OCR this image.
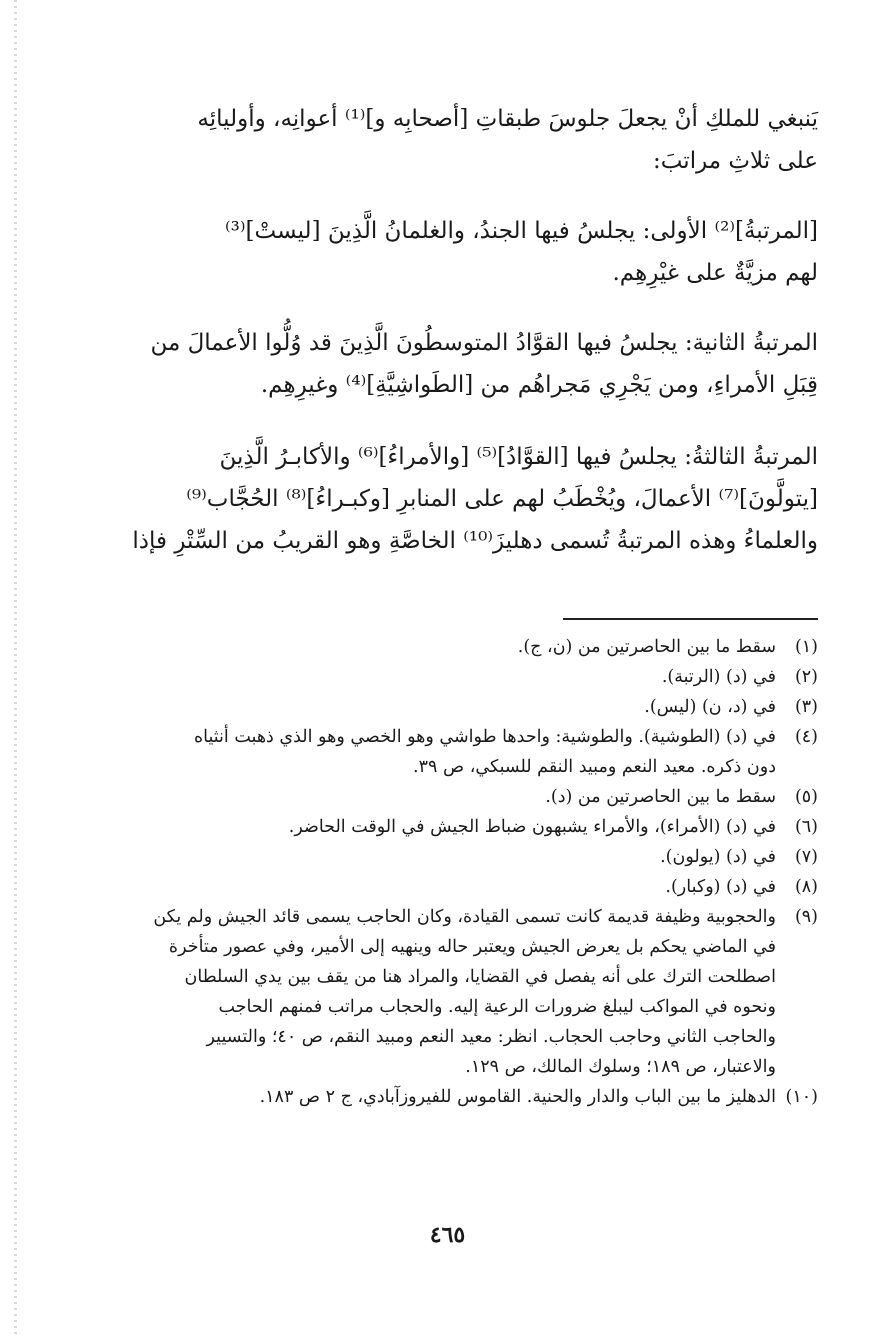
يَنبغي للملكِ أنْ يجعلَ جلوسَ طبقاتِ [أصحابِه و]⁽¹⁾ أعوانِه، وأوليائِه
على ثلاثِ مراتبَ:

[المرتبةُ]⁽²⁾ الأولى: يجلسُ فيها الجندُ، والغلمانُ الَّذِينَ [ليستْ]⁽³⁾
لهم مزيَّةٌ على غيْرِهِم.

المرتبةُ الثانية: يجلسُ فيها القوَّادُ المتوسطُونَ الَّذِينَ قد وُلُّوا الأعمالَ من
قِبَلِ الأمراءِ، ومن يَجْرِي مَجراهُم من [الطَواشِيَّةِ]⁽⁴⁾ وغيرِهِم.

المرتبةُ الثالثةُ: يجلسُ فيها [القوَّادُ]⁽⁵⁾ [والأمراءُ]⁽⁶⁾ والأكابـرُ الَّذِينَ
[يتولَّونَ]⁽⁷⁾ الأعمالَ، ويُخْطَبُ لهم على المنابرِ [وكبـراءُ]⁽⁸⁾ الحُجَّاب⁽⁹⁾
والعلماءُ وهذه المرتبةُ تُسمى دهليزَ⁽¹⁰⁾ الخاصَّةِ وهو القريبُ من السِّتْرِ فإذا

(١)
سقط ما بين الحاصرتين من (ن، ج).
(٢)
في (د) (الرتبة).
(٣)
في (د، ن) (ليس).
(٤)
في (د) (الطوشية). والطوشية: واحدها طواشي وهو الخصي وهو الذي ذهبت أنثياه
دون ذكره. معيد النعم ومبيد النقم للسبكي، ص ٣٩.
(٥)
سقط ما بين الحاصرتين من (د).
(٦)
في (د) (الأمراء)، والأمراء يشبهون ضباط الجيش في الوقت الحاضر.
(٧)
في (د) (يولون).
(٨)
في (د) (وكبار).
(٩)
والحجوبية وظيفة قديمة كانت تسمى القيادة، وكان الحاجب يسمى قائد الجيش ولم يكن
في الماضي يحكم بل يعرض الجيش ويعتبر حاله وينهيه إلى الأمير، وفي عصور متأخرة
اصطلحت الترك على أنه يفصل في القضايا، والمراد هنا من يقف بين يدي السلطان
ونحوه في المواكب ليبلغ ضرورات الرعية إليه. والحجاب مراتب فمنهم الحاجب
والحاجب الثاني وحاجب الحجاب. انظر: معيد النعم ومبيد النقم، ص ٤٠؛ والتسيير
والاعتبار، ص ١٨٩؛ وسلوك المالك، ص ١٢٩.
(١٠)
الدهليز ما بين الباب والدار والحنية. القاموس للفيروزآبادي، ج ٢ ص ١٨٣.
٤٦٥
